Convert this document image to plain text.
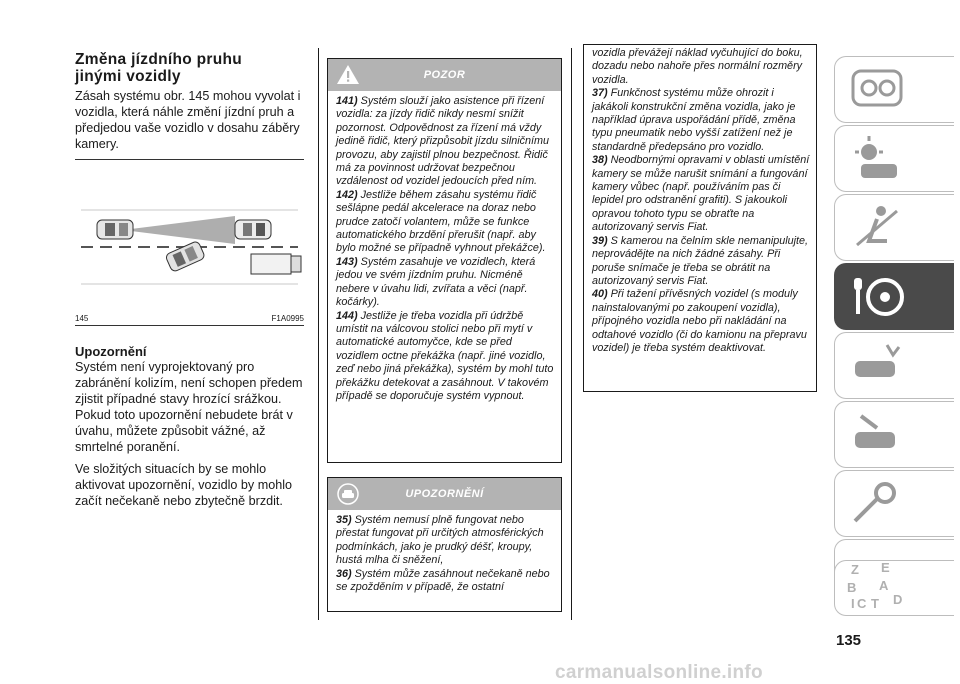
Změna jízdního pruhu
jinými vozidly
Zásah systému obr. 145 mohou vyvolat i vozidla, která náhle změní jízdní pruh a předjedou vaše vozidlo v dosahu záběry kamery.
145	F1A0995
Upozornění

Systém není vyprojektovaný pro zabránění kolizím, není schopen předem zjistit případné stavy hrozící srážkou. Pokud toto upozornění nebudete brát v úvahu, můžete způsobit vážné, až smrtelné poranění.

Ve složitých situacích by se mohlo aktivovat upozornění, vozidlo by mohlo začít nečekaně nebo zbytečně brzdit.

POZOR

141) Systém slouží jako asistence při řízení vozidla: za jízdy řidič nikdy nesmí snížit pozornost. Odpovědnost za řízení má vždy jedině řidič, který přizpůsobit jízdu silničnímu provozu, aby zajistil plnou bezpečnost. Řidič má za povinnost udržovat bezpečnou vzdálenost od vozidel jedoucích před ním.

142) Jestliže během zásahu systému řidič sešlápne pedál akcelerace na doraz nebo prudce zatočí volantem, může se funkce automatického brzdění přerušit (např. aby bylo možné se případně vyhnout překážce).

143) Systém zasahuje ve vozidlech, která jedou ve svém jízdním pruhu. Nicméně nebere v úvahu lidi, zvířata a věci (např. kočárky).

144) Jestliže je třeba vozidla při údržbě umístit na válcovou stolici nebo při mytí v automatické automyčce, kde se před vozidlem octne překážka (např. jiné vozidlo, zeď nebo jiná překážka), systém by mohl tuto překážku detekovat a zasáhnout. V takovém případě se doporučuje systém vypnout.

UPOZORNĚNÍ

35) Systém nemusí plně fungovat nebo přestat fungovat při určitých atmosférických podmínkách, jako je prudký déšť, kroupy, hustá mlha či sněžení,

36) Systém může zasáhnout nečekaně nebo se zpožděním v případě, že ostatní

vozidla převážejí náklad vyčuhující do boku, dozadu nebo nahoře přes normální rozměry vozidla.

37) Funkčnost systému může ohrozit i jakákoli konstrukční změna vozidla, jako je například úprava uspořádání přídě, změna typu pneumatik nebo vyšší zatížení než je standardně předepsáno pro vozidlo.

38) Neodbornými opravami v oblasti umístění kamery se může narušit snímání a fungování kamery vůbec (např. používáním pas či lepidel pro odstranění grafiti). S jakoukoli opravou tohoto typu se obraťte na autorizovaný servis Fiat.

39) S kamerou na čelním skle nemanipulujte, neprovádějte na nich žádné zásahy. Při poruše snímače je třeba se obrátit na autorizovaný servis Fiat.

40) Při tažení přívěsných vozidel (s moduly nainstalovanými po zakoupení vozidla), přípojného vozidla nebo při nakládání na odtahové vozidlo (či do kamionu na přepravu vozidel) je třeba systém deaktivovat.

Z E
B A
C T D
I
135
carmanualsonline.info
